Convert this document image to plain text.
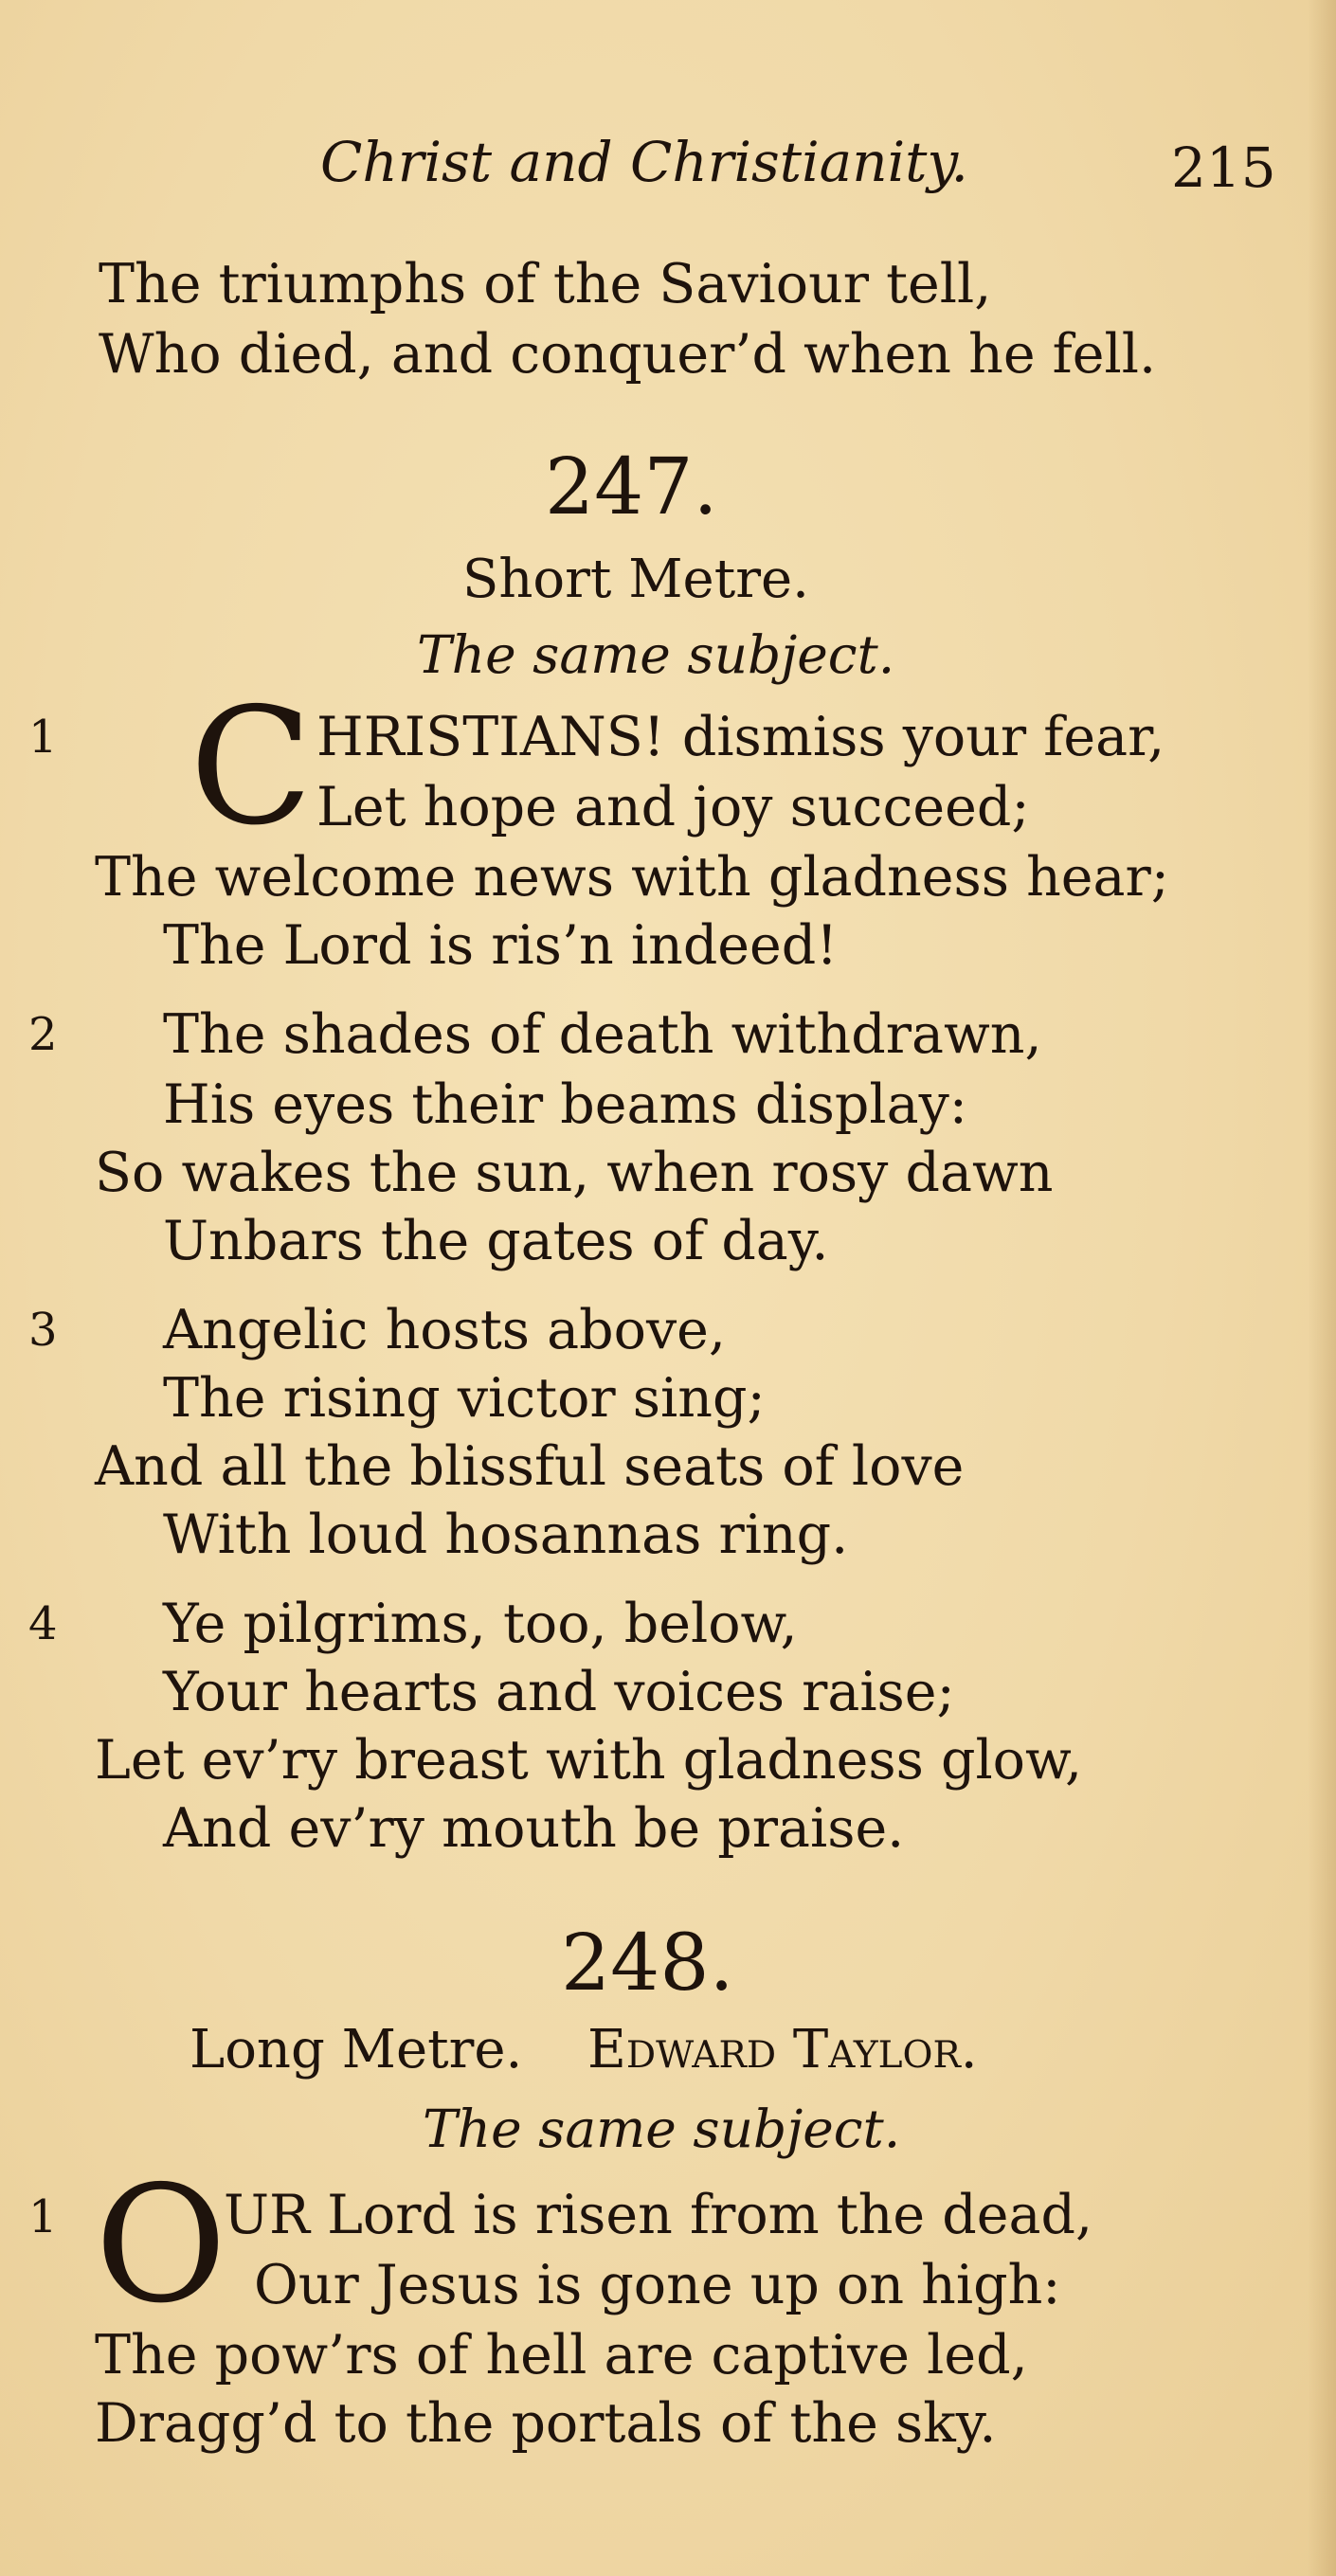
Christ and Christianity.	215
The triumphs of the Saviour tell,
Who died, and conquer’d when he fell.
247.
Short Metre.
The same subject.
1 C HRISTIANS! dismiss your fear,
Let hope and joy succeed;
The welcome news with gladness hear;
The Lord is ris’n indeed!
2 The shades of death withdrawn,
His eyes their beams display:
So wakes the sun, when rosy dawn
Unbars the gates of day.
3 Angelic hosts above,
The rising victor sing;
And all the blissful seats of love
With loud hosannas ring.
4 Ye pilgrims, too, below,
Your hearts and voices raise;
Let ev’ry breast with gladness glow,
And ev’ry mouth be praise.
248.
Long Metre. Edward Taylor.
The same subject.
1 O
UR Lord is risen from the dead,
Our Jesus is gone up on high:
The pow’rs of hell are captive led,
Dragg’d to the portals of the sky.
